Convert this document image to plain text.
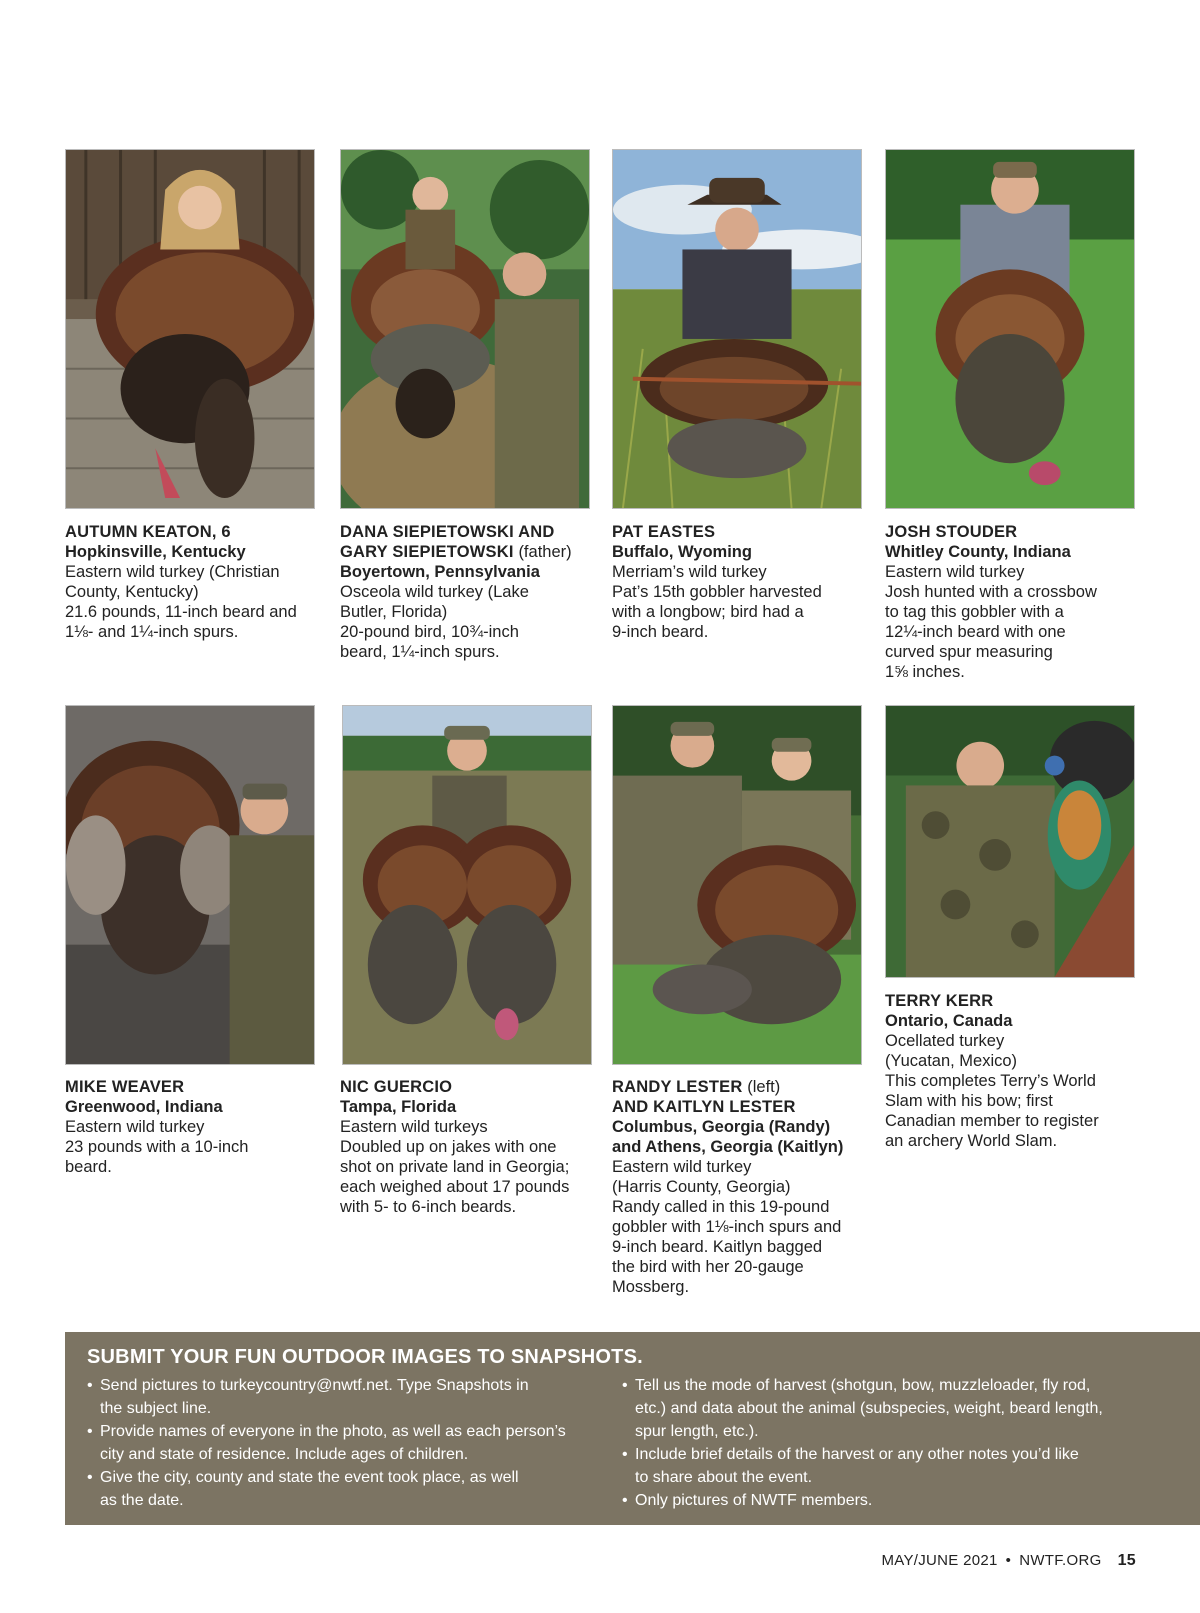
AUTUMN KEATON, 6
Hopkinsville, Kentucky
Eastern wild turkey (Christian
County, Kentucky)
21.6 pounds, 11-inch beard and
1⅛- and 1¼-inch spurs.
DANA SIEPIETOWSKI AND
GARY SIEPIETOWSKI (father)
Boyertown, Pennsylvania
Osceola wild turkey (Lake
Butler, Florida)
20-pound bird, 10¾-inch
beard, 1¼-inch spurs.
PAT EASTES
Buffalo, Wyoming
Merriam’s wild turkey
Pat’s 15th gobbler harvested
with a longbow; bird had a
9-inch beard.
JOSH STOUDER
Whitley County, Indiana
Eastern wild turkey
Josh hunted with a crossbow
to tag this gobbler with a
12¼-inch beard with one
curved spur measuring
1⅝ inches.
MIKE WEAVER
Greenwood, Indiana
Eastern wild turkey
23 pounds with a 10-inch
beard.
NIC GUERCIO
Tampa, Florida
Eastern wild turkeys
Doubled up on jakes with one
shot on private land in Georgia;
each weighed about 17 pounds
with 5- to 6-inch beards.
RANDY LESTER (left)
AND KAITLYN LESTER
Columbus, Georgia (Randy)
and Athens, Georgia (Kaitlyn)
Eastern wild turkey
(Harris County, Georgia)
Randy called in this 19-pound
gobbler with 1⅛-inch spurs and
9-inch beard. Kaitlyn bagged
the bird with her 20-gauge
Mossberg.
TERRY KERR
Ontario, Canada
Ocellated turkey
(Yucatan, Mexico)
This completes Terry’s World
Slam with his bow; first
Canadian member to register
an archery World Slam.
SUBMIT YOUR FUN OUTDOOR IMAGES TO SNAPSHOTS.
• Send pictures to turkeycountry@nwtf.net. Type Snapshots in
the subject line.
• Provide names of everyone in the photo, as well as each person’s
city and state of residence. Include ages of children.
• Give the city, county and state the event took place, as well
as the date.
• Tell us the mode of harvest (shotgun, bow, muzzleloader, fly rod,
etc.) and data about the animal (subspecies, weight, beard length,
spur length, etc.).
• Include brief details of the harvest or any other notes you’d like
to share about the event.
• Only pictures of NWTF members.
MAY/JUNE 2021 • NWTF.ORG 15
